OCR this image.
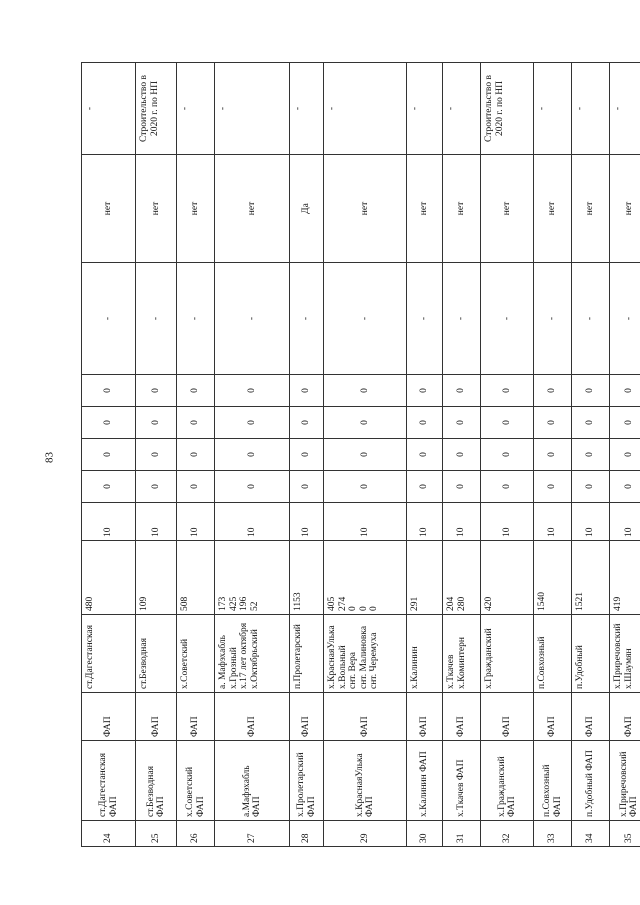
83
24	ст.Дагестанская ФАП	ФАП	ст.Дагестанская	480	10	0	0	0	0	-	нет	-
25	ст.Безводная ФАП	ФАП	ст.Безводная	109	10	0	0	0	0	-	нет	Строительство в 2020 г. по НП
26	х.Советский ФАП	ФАП	х.Советский	508	10	0	0	0	0	-	нет	-
27	а.Мафэхабль ФАП	ФАП	а. Мафэхабль
х.Грозный
х.17 лет октября
х.Октябрьский	173
425
196
52	10	0	0	0	0	-	нет	-
28	х.Пролетарский ФАП	ФАП	п.Пролетарский	1153	10	0	0	0	0	-	Да	-
29	х.КраснаяУлька ФАП	ФАП	х.КраснаяУлька
х.Вольный
снт. Вера
снт. Малиновка
снт. Черемуха	405
274
0
0
0	10	0	0	0	0	-	нет	-
30	х.Калинин ФАП	ФАП	х.Калинин	291	10	0	0	0	0	-	нет	-
31	х.Ткачев ФАП	ФАП	х.Ткачев
х.Коминтерн	204
280	10	0	0	0	0	-	нет	-
32	х.Гражданский ФАП	ФАП	х.Гражданский	420	10	0	0	0	0	-	нет	Строительство в 2020 г. по НП
33	п.Совхозный ФАП	ФАП	п.Совхозный	1540	10	0	0	0	0	-	нет	-
34	п.Удобный ФАП	ФАП	п.Удобный	1521	10	0	0	0	0	-	нет	-
35	х.Приречовский ФАП	ФАП	х.Приречовский
х.Шаумян	419	10	0	0	0	0	-	нет	-
